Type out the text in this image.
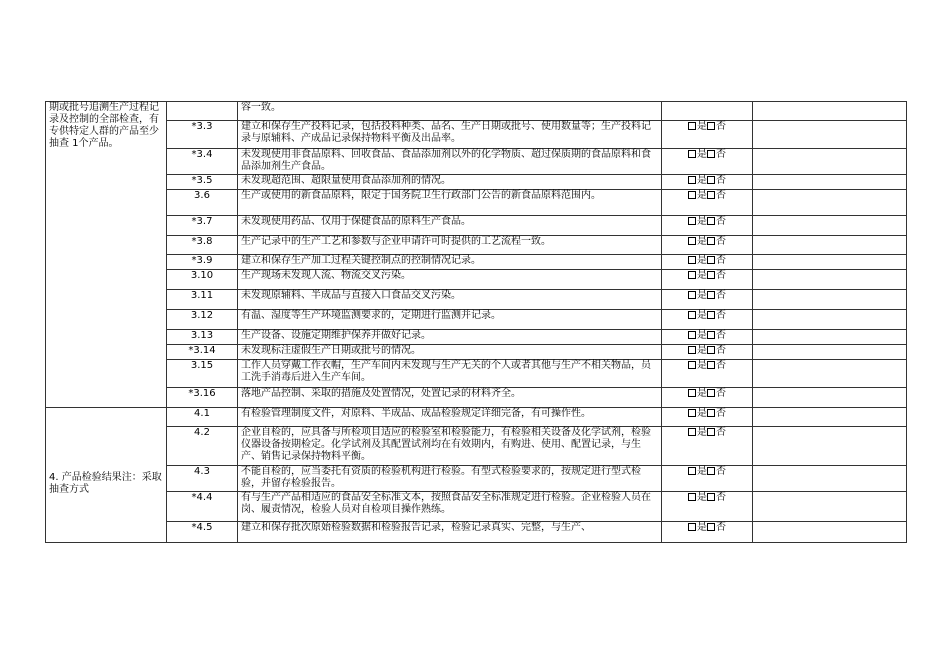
期或批号追溯生产过程记录及控制的全部检查，有专供特定人群的产品至少抽查 1个产品。		容一致。		
	*3.3	建立和保存生产投料记录，包括投料种类、品名、生产日期或批号、使用数量等；生产投料记录与原辅料、产成品记录保持物料平衡及出品率。	是 否	
	*3.4	未发现使用非食品原料、回收食品、食品添加剂以外的化学物质、超过保质期的食品原料和食品添加剂生产食品。	是 否	
	*3.5	未发现超范围、超限量使用食品添加剂的情况。	是 否	
	3.6	生产或使用的新食品原料，限定于国务院卫生行政部门公告的新食品原料范围内。	是 否	
	*3.7	未发现使用药品、仅用于保健食品的原料生产食品。	是 否	
	*3.8	生产记录中的生产工艺和参数与企业申请许可时提供的工艺流程一致。	是 否	
	*3.9	建立和保存生产加工过程关键控制点的控制情况记录。	是 否	
	3.10	生产现场未发现人流、物流交叉污染。	是 否	
	3.11	未发现原辅料、半成品与直接入口食品交叉污染。	是 否	
	3.12	有温、湿度等生产环境监测要求的，定期进行监测并记录。	是 否	
	3.13	生产设备、设施定期维护保养并做好记录。	是 否	
	*3.14	未发现标注虚假生产日期或批号的情况。	是 否	
	3.15	工作人员穿戴工作衣帽，生产车间内未发现与生产无关的个人或者其他与生产不相关物品，员工洗手消毒后进入生产车间。	是 否	
	*3.16	落地产品控制、采取的措施及处置情况，处置记录的材料齐全。	是 否	

4. 产品检验结果注：采取抽查方式	4.1	有检验管理制度文件，对原料、半成品、成品检验规定详细完备，有可操作性。	是 否	
	4.2	企业自检的，应具备与所检项目适应的检验室和检验能力，有检验相关设备及化学试剂，检验仪器设备按期检定。化学试剂及其配置试剂均在有效期内，有购进、使用、配置记录，与生产、销售记录保持物料平衡。	是 否	
	4.3	不能自检的，应当委托有资质的检验机构进行检验。有型式检验要求的，按规定进行型式检验，并留存检验报告。	是 否	
	*4.4	有与生产产品相适应的食品安全标准文本，按照食品安全标准规定进行检验。企业检验人员在岗、履责情况，检验人员对自检项目操作熟练。	是 否	
	*4.5	建立和保存批次原始检验数据和检验报告记录，检验记录真实、完整，与生产、	是 否	
